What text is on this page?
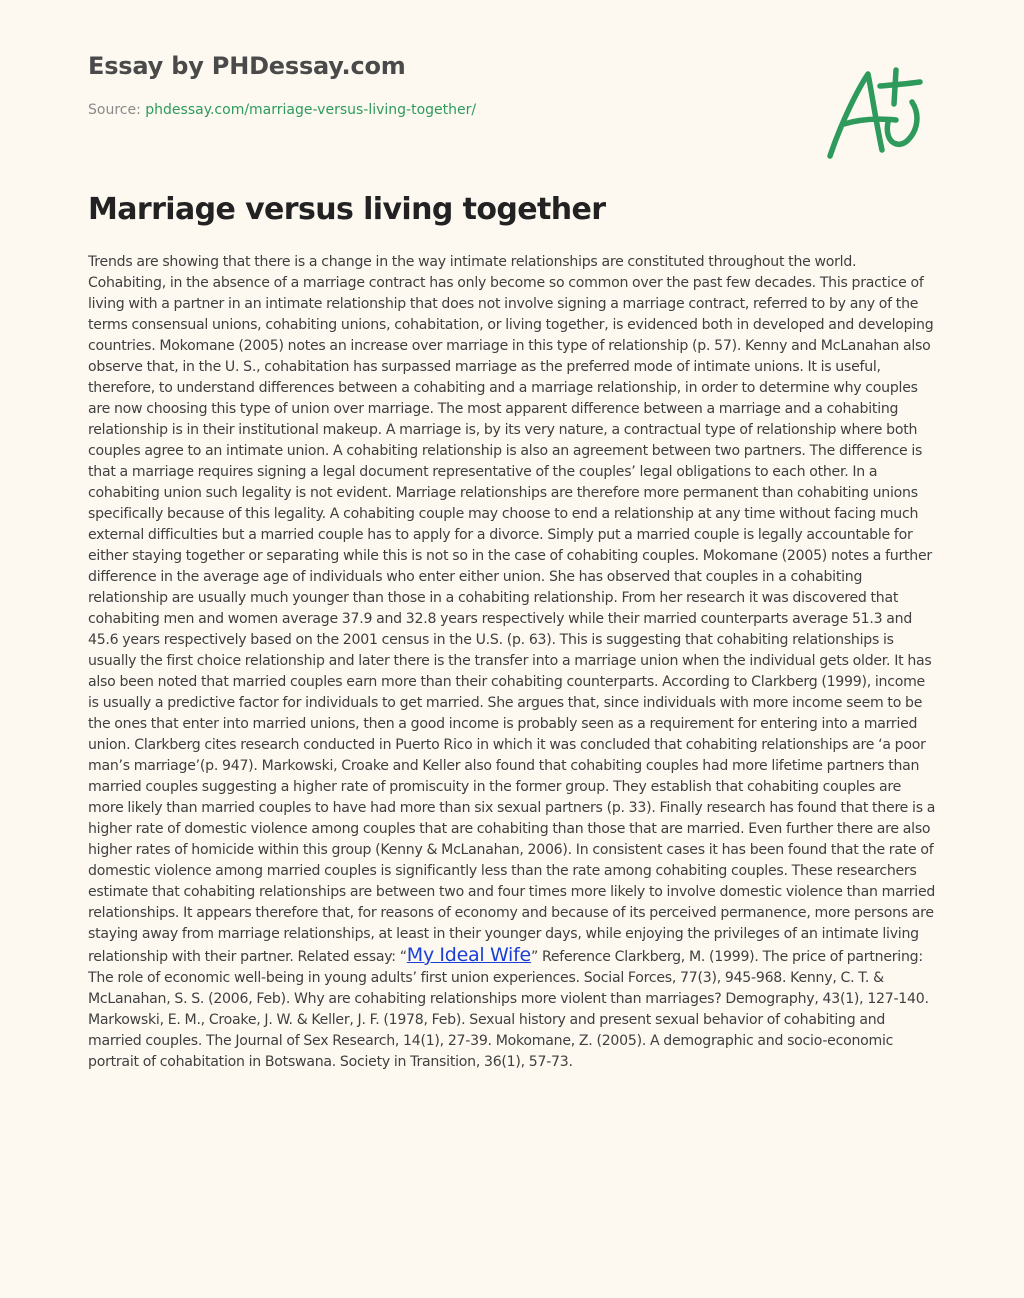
Essay by PHDessay.com
Source: phdessay.com/marriage-versus-living-together/
Marriage versus living together

Trends are showing that there is a change in the way intimate relationships are constituted throughout the world. Cohabiting, in the absence of a marriage contract has only become so common over the past few decades. This practice of living with a partner in an intimate relationship that does not involve signing a marriage contract, referred to by any of the terms consensual unions, cohabiting unions, cohabitation, or living together, is evidenced both in developed and developing countries. Mokomane (2005) notes an increase over marriage in this type of relationship (p. 57). Kenny and McLanahan also observe that, in the U. S., cohabitation has surpassed marriage as the preferred mode of intimate unions. It is useful, therefore, to understand differences between a cohabiting and a marriage relationship, in order to determine why couples are now choosing this type of union over marriage. The most apparent difference between a marriage and a cohabiting relationship is in their institutional makeup. A marriage is, by its very nature, a contractual type of relationship where both couples agree to an intimate union. A cohabiting relationship is also an agreement between two partners. The difference is that a marriage requires signing a legal document representative of the couples’ legal obligations to each other. In a cohabiting union such legality is not evident. Marriage relationships are therefore more permanent than cohabiting unions specifically because of this legality. A cohabiting couple may choose to end a relationship at any time without facing much external difficulties but a married couple has to apply for a divorce. Simply put a married couple is legally accountable for either staying together or separating while this is not so in the case of cohabiting couples. Mokomane (2005) notes a further difference in the average age of individuals who enter either union. She has observed that couples in a cohabiting relationship are usually much younger than those in a cohabiting relationship. From her research it was discovered that cohabiting men and women average 37.9 and 32.8 years respectively while their married counterparts average 51.3 and 45.6 years respectively based on the 2001 census in the U.S. (p. 63). This is suggesting that cohabiting relationships is usually the first choice relationship and later there is the transfer into a marriage union when the individual gets older. It has also been noted that married couples earn more than their cohabiting counterparts. According to Clarkberg (1999), income is usually a predictive factor for individuals to get married. She argues that, since individuals with more income seem to be the ones that enter into married unions, then a good income is probably seen as a requirement for entering into a married union. Clarkberg cites research conducted in Puerto Rico in which it was concluded that cohabiting relationships are ‘a poor man’s marriage’(p. 947). Markowski, Croake and Keller also found that cohabiting couples had more lifetime partners than married couples suggesting a higher rate of promiscuity in the former group. They establish that cohabiting couples are more likely than married couples to have had more than six sexual partners (p. 33). Finally research has found that there is a higher rate of domestic violence among couples that are cohabiting than those that are married. Even further there are also higher rates of homicide within this group (Kenny & McLanahan, 2006). In consistent cases it has been found that the rate of domestic violence among married couples is significantly less than the rate among cohabiting couples. These researchers estimate that cohabiting relationships are between two and four times more likely to involve domestic violence than married relationships. It appears therefore that, for reasons of economy and because of its perceived permanence, more persons are staying away from marriage relationships, at least in their younger days, while enjoying the privileges of an intimate living relationship with their partner. Related essay: “My Ideal Wife” Reference Clarkberg, M. (1999). The price of partnering: The role of economic well-being in young adults’ first union experiences. Social Forces, 77(3), 945-968. Kenny, C. T. & McLanahan, S. S. (2006, Feb). Why are cohabiting relationships more violent than marriages? Demography, 43(1), 127-140. Markowski, E. M., Croake, J. W. & Keller, J. F. (1978, Feb). Sexual history and present sexual behavior of cohabiting and married couples. The Journal of Sex Research, 14(1), 27-39. Mokomane, Z. (2005). A demographic and socio-economic portrait of cohabitation in Botswana. Society in Transition, 36(1), 57-73.
